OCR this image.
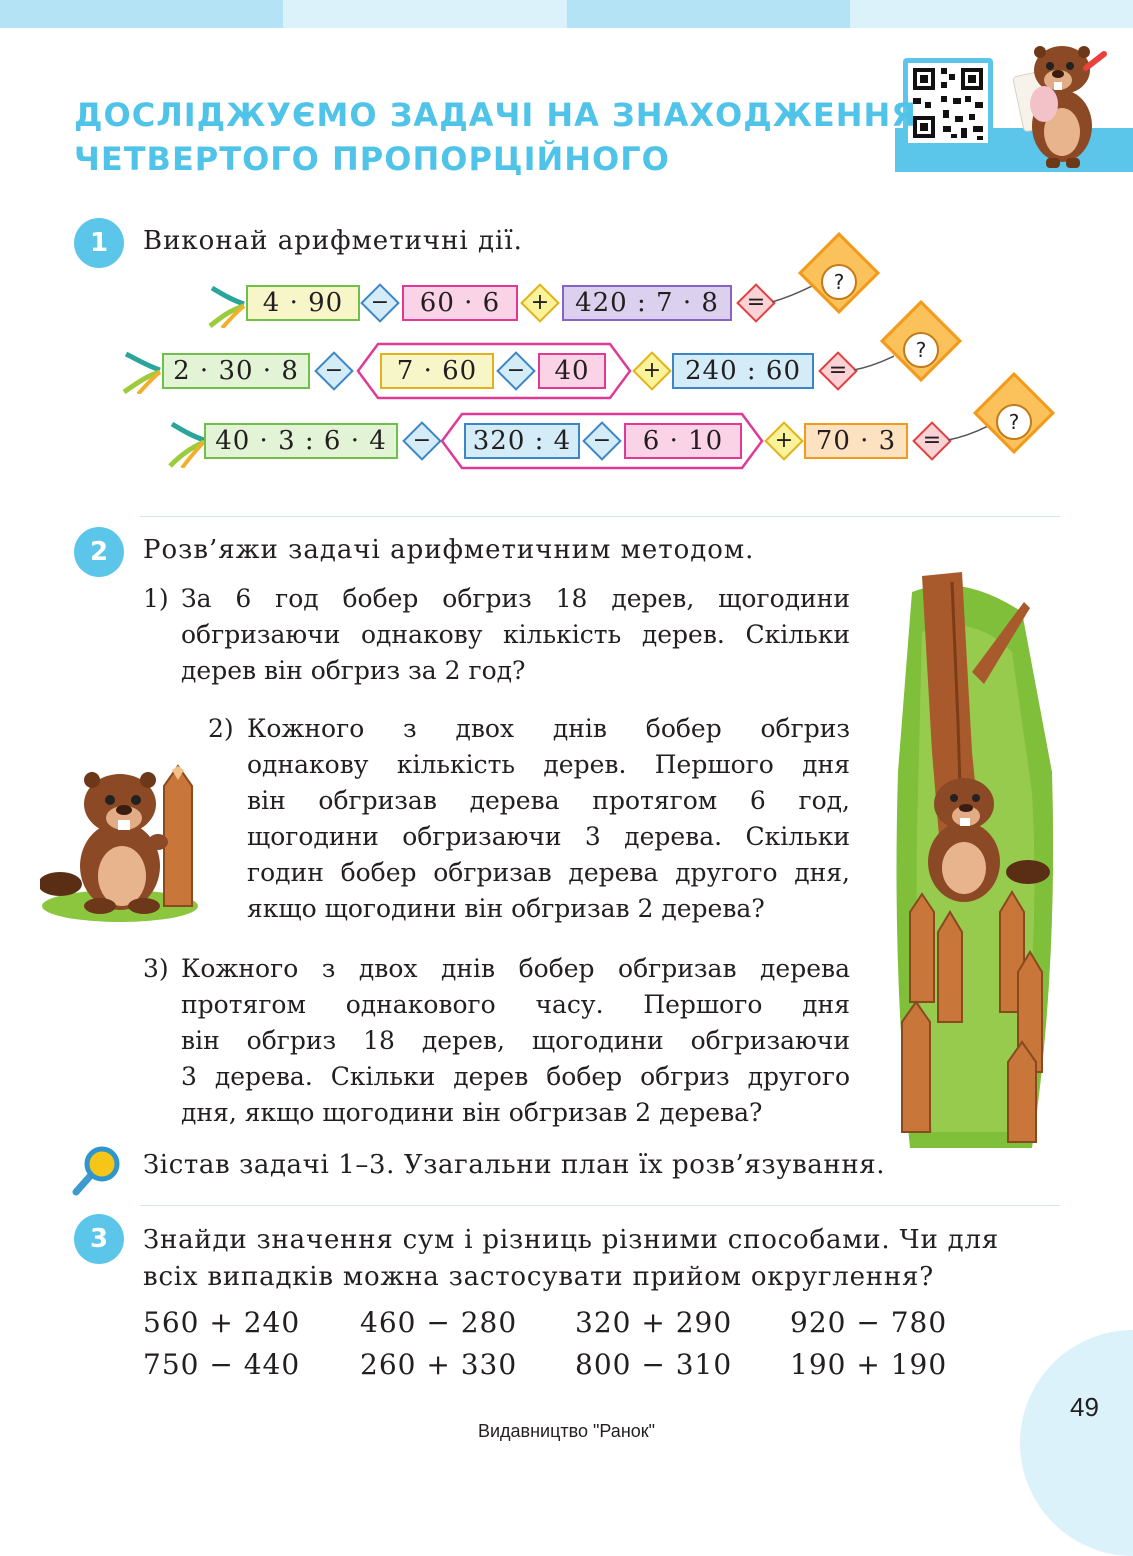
ДОСЛІДЖУЄМО ЗАДАЧІ НА ЗНАХОДЖЕННЯ
ЧЕТВЕРТОГО ПРОПОРЦІЙНОГО
1	Виконай арифметичні дії.
4 · 90	−	60 · 6	+ 420 : 7 · 8	=
?
2 · 30 · 8	−	7 · 60	−	40	+ 240 : 60	=
?
40 · 3 : 6 · 4	−	320 : 4 −	6 · 10	+ 70 · 3	=
?
2	Розв’яжи задачі арифметичним методом.
1) За 6 год бобер обгриз 18 дерев, щогодини
обгризаючи однакову кількість дерев. Скільки
дерев він обгриз за 2 год?
2) Кожного з двох днів бобер обгриз
однакову кількість дерев. Першого дня
він обгризав дерева протягом 6 год,
щогодини обгризаючи 3 дерева. Скільки
годин бобер обгризав дерева другого дня,
якщо щогодини він обгризав 2 дерева?
3) Кожного з двох днів бобер обгризав дерева
протягом однакового часу. Першого дня
він обгриз 18 дерев, щогодини обгризаючи
3 дерева. Скільки дерев бобер обгриз другого
дня, якщо щогодини він обгризав 2 дерева?
Зістав задачі 1–3. Узагальни план їх розв’язування.
3	Знайди значення сум і різниць різними способами. Чи для
всіх випадків можна застосувати прийом округлення?
560 + 240 460 − 280 320 + 290 920 − 780
750 − 440 260 + 330 800 − 310 190 + 190
49
Видавництво "Ранок"
